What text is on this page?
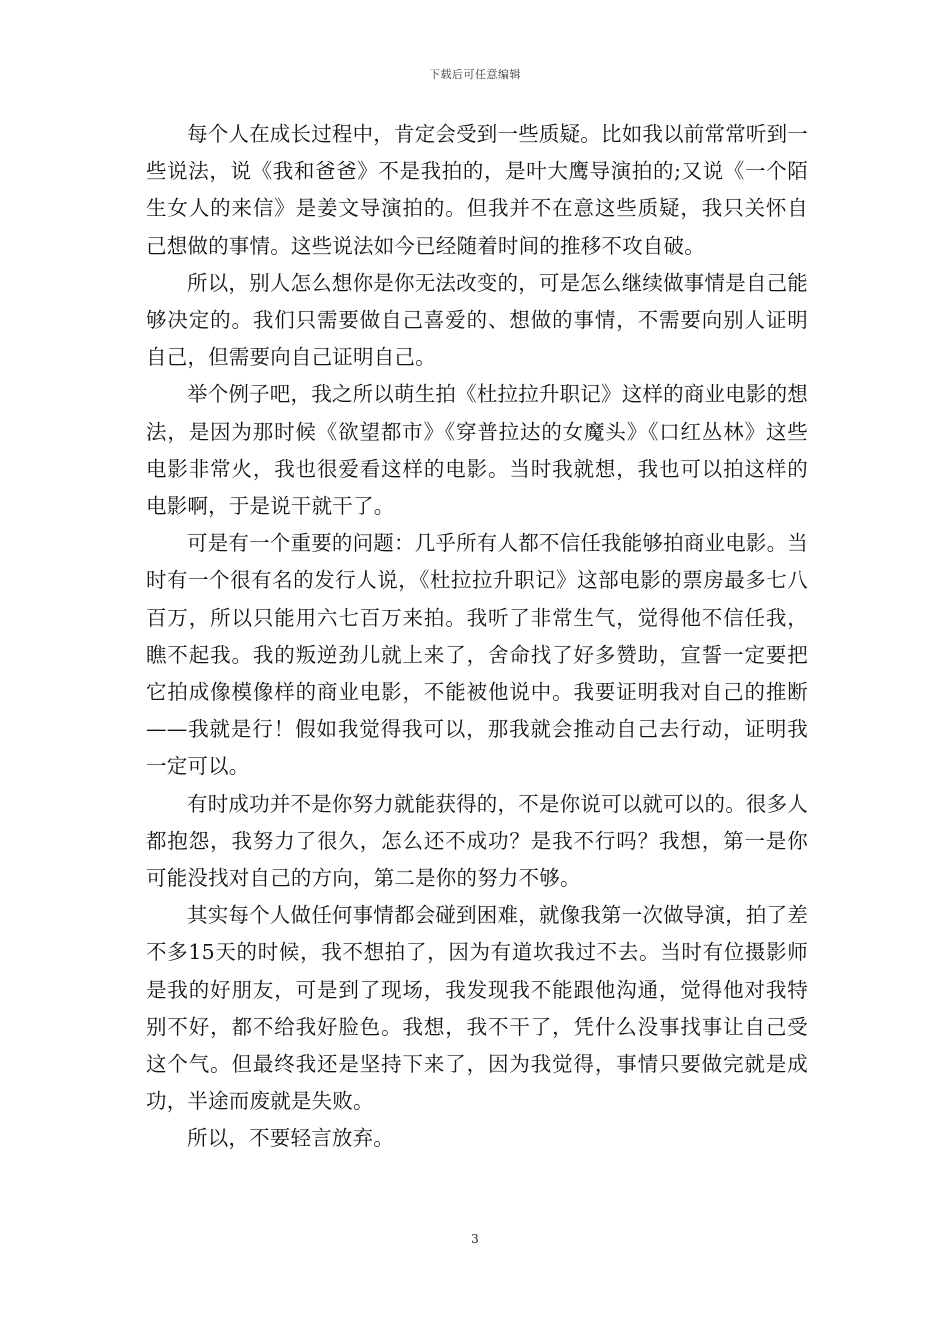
下载后可任意编辑

每个人在成长过程中，肯定会受到一些质疑。比如我以前常常听到一些说法，说《我和爸爸》不是我拍的，是叶大鹰导演拍的;又说《一个陌生女人的来信》是姜文导演拍的。但我并不在意这些质疑，我只关怀自己想做的事情。这些说法如今已经随着时间的推移不攻自破。

所以，别人怎么想你是你无法改变的，可是怎么继续做事情是自己能够决定的。我们只需要做自己喜爱的、想做的事情，不需要向别人证明自己，但需要向自己证明自己。

举个例子吧，我之所以萌生拍《杜拉拉升职记》这样的商业电影的想法，是因为那时候《欲望都市》《穿普拉达的女魔头》《口红丛林》这些电影非常火，我也很爱看这样的电影。当时我就想，我也可以拍这样的电影啊，于是说干就干了。

可是有一个重要的问题：几乎所有人都不信任我能够拍商业电影。当时有一个很有名的发行人说，《杜拉拉升职记》这部电影的票房最多七八百万，所以只能用六七百万来拍。我听了非常生气，觉得他不信任我，瞧不起我。我的叛逆劲儿就上来了，舍命找了好多赞助，宣誓一定要把它拍成像模像样的商业电影，不能被他说中。我要证明我对自己的推断——我就是行！假如我觉得我可以，那我就会推动自己去行动，证明我一定可以。

有时成功并不是你努力就能获得的，不是你说可以就可以的。很多人都抱怨，我努力了很久，怎么还不成功？是我不行吗？我想，第一是你可能没找对自己的方向，第二是你的努力不够。

其实每个人做任何事情都会碰到困难，就像我第一次做导演，拍了差不多15天的时候，我不想拍了，因为有道坎我过不去。当时有位摄影师是我的好朋友，可是到了现场，我发现我不能跟他沟通，觉得他对我特别不好，都不给我好脸色。我想，我不干了，凭什么没事找事让自己受这个气。但最终我还是坚持下来了，因为我觉得，事情只要做完就是成功，半途而废就是失败。

所以，不要轻言放弃。

3
